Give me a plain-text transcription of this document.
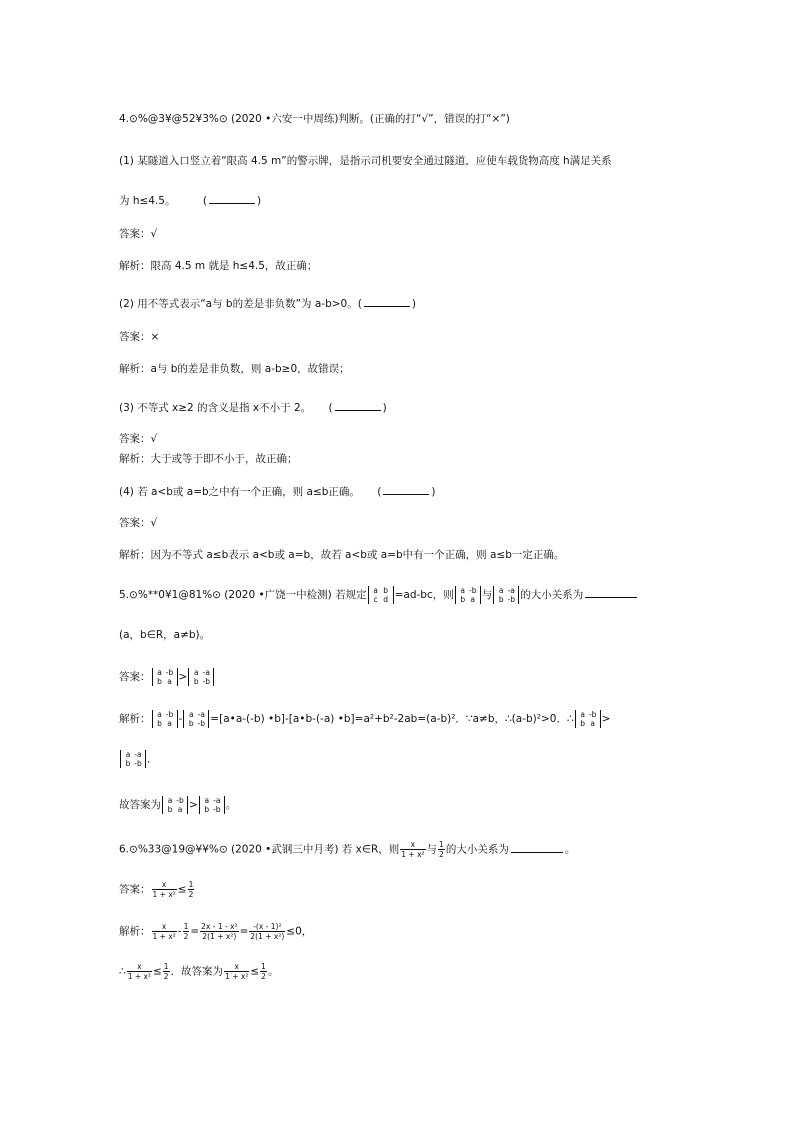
4.⊙%@3¥@52¥3%⊙ (2020 •六安一中周练)判断。(正确的打“√”，错误的打“×”)
(1) 某隧道入口竖立着“限高 4.5 m”的警示牌，是指示司机要安全通过隧道，应使车载货物高度 h满足关系
为 h≤4.5。	(	)
答案：√
解析：限高 4.5 m 就是 h≤4.5，故正确；
(2) 用不等式表示“a与 b的差是非负数”为 a-b>0。(	)
答案：×
解析：a与 b的差是非负数，则 a-b≥0，故错误；
(3) 不等式 x≥2 的含义是指 x不小于 2。 (	)
答案：√
解析：大于或等于即不小于，故正确；
(4) 若 a<b或 a=b之中有一个正确，则 a≤b正确。 (	)
答案：√
解析：因为不等式 a≤b表示 a<b或 a=b，故若 a<b或 a=b中有一个正确，则 a≤b一定正确。
5.⊙%**0¥1@81%⊙ (2020 •广饶一中检测) 若规定 a b
c d =ad-bc，则 a -b
b a 与 a -a
b -b 的大小关系为
(a，b∈R，a≠b)。
答案： a -b
b a > a -a
b -b
解析： a -b
b a - a -a
b -b =[a•a-(-b) •b]-[a•b-(-a) •b]=a²+b²-2ab=(a-b)²．∵a≠b，∴(a-b)²>0．∴ a -b
b a >
a -a
b -b ．
故答案为 a -b
b a > a -a
b -b 。
6.⊙%33@19@¥¥%⊙ (2020 •武钢三中月考) 若 x∈R，则 $\frac{x}{\text{1 + x²}}$ 与 $\frac{1}{2}$ 的大小关系为	。
答案： $\frac{x}{\text{1 + x²}} \le \frac{1}{2}$
解析： $\frac{x}{\text{1 + x²}} - \frac{1}{2} = \frac{\text{2x - 1 - x²}}{\text{2(1 + x²)}} = \frac{\text{-(x - 1)²}}{\text{2(1 + x²)}} \le 0$，
∴ $\frac{x}{\text{1 + x²}} \le \frac{1}{2}$ ．故答案为 $\frac{x}{\text{1 + x²}} \le \frac{1}{2}$ 。
